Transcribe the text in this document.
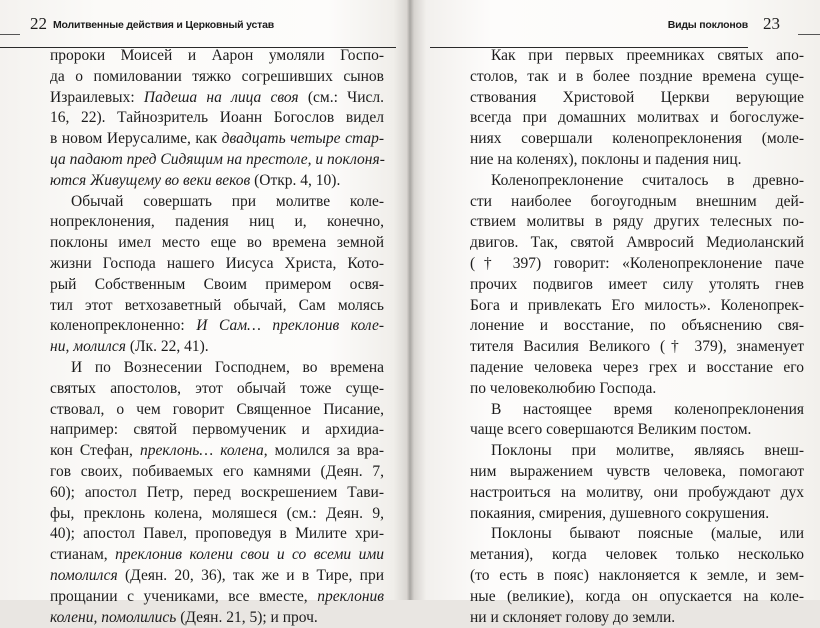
22 Молитвенные действия и Церковный устав
пророки Моисей и Аарон умоляли Госпо-
да о помиловании тяжко согрешивших сынов
Израилевых: Падеша на лица своя (см.: Числ.
16, 22). Тайнозритель Иоанн Богослов видел
в новом Иерусалиме, как двадцать четыре стар-
ца падают пред Сидящим на престоле, и поклоня-
ются Живущему во веки веков (Откр. 4, 10).
Обычай совершать при молитве коле-
нопреклонения, падения ниц и, конечно,
поклоны имел место еще во времена земной
жизни Господа нашего Иисуса Христа, Кото-
рый Собственным Своим примером освя-
тил этот ветхозаветный обычай, Сам молясь
коленопреклоненно: И Сам… преклонив коле-
ни, молился (Лк. 22, 41).
И по Вознесении Господнем, во времена
святых апостолов, этот обычай тоже суще-
ствовал, о чем говорит Священное Писание,
например: святой первомученик и архидиа-
кон Стефан, преклонь… колена, молился за вра-
гов своих, побиваемых его камнями (Деян. 7,
60); апостол Петр, перед воскрешением Тави-
фы, преклонь колена, моляшеся (см.: Деян. 9,
40); апостол Павел, проповедуя в Милите хри-
стианам, преклонив колени свои и со всеми ими
помолился (Деян. 20, 36), так же и в Тире, при
прощании с учениками, все вместе, преклонив
колени, помолились (Деян. 21, 5); и проч.
Виды поклонов 23
Как при первых преемниках святых апо-
столов, так и в более поздние времена суще-
ствования Христовой Церкви верующие
всегда при домашних молитвах и богослуже-
ниях совершали коленопреклонения (моле-
ние на коленях), поклоны и падения ниц.
Коленопреклонение считалось в древно-
сти наиболее богоугодным внешним дей-
ствием молитвы в ряду других телесных по-
двигов. Так, святой Амвросий Медиоланский
(† 397) говорит: «Коленопреклонение паче
прочих подвигов имеет силу утолять гнев
Бога и привлекать Его милость». Коленопрек-
лонение и восстание, по объяснению свя-
тителя Василия Великого († 379), знаменует
падение человека через грех и восстание его
по человеколюбию Господа.
В настоящее время коленопреклонения
чаще всего совершаются Великим постом.
Поклоны при молитве, являясь внеш-
ним выражением чувств человека, помогают
настроиться на молитву, они пробуждают дух
покаяния, смирения, душевного сокрушения.
Поклоны бывают поясные (малые, или
метания), когда человек только несколько
(то есть в пояс) наклоняется к земле, и зем-
ные (великие), когда он опускается на коле-
ни и склоняет голову до земли.
